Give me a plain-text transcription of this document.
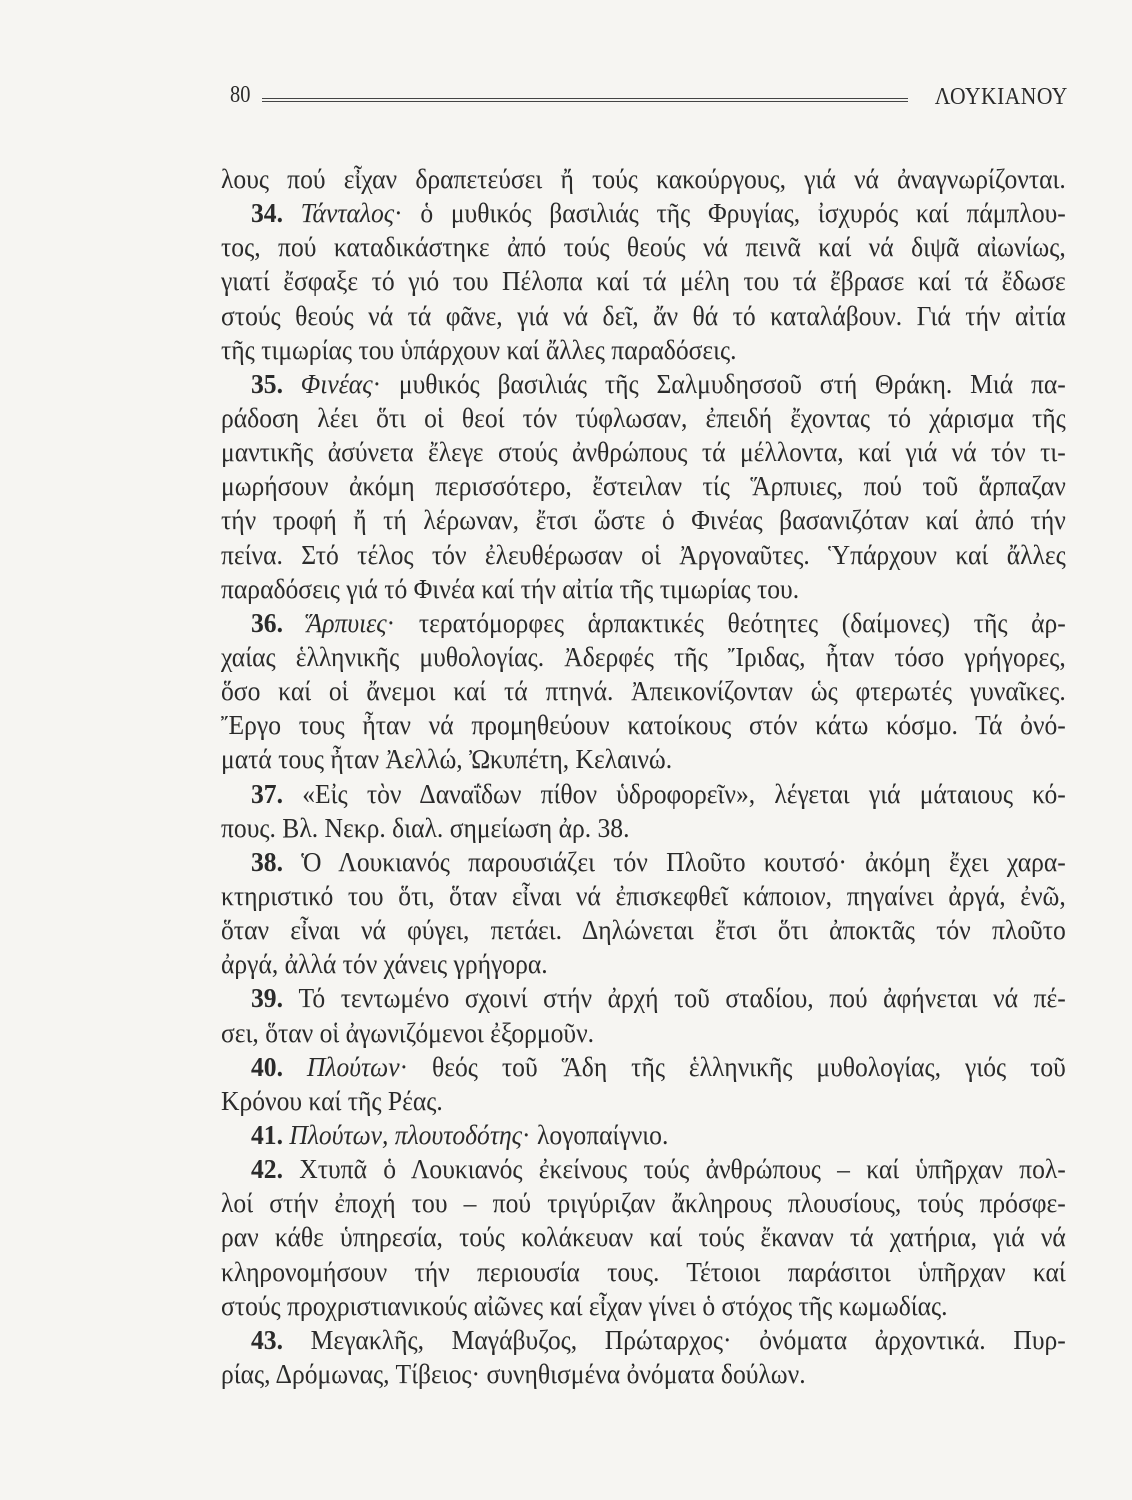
80	ΛΟΥΚΙΑΝΟΥ
λους πού εἶχαν δραπετεύσει ἤ τούς κακούργους, γιά νά ἀναγνωρίζονται.
34. Τάνταλος· ὁ μυθικός βασιλιάς τῆς Φρυγίας, ἰσχυρός καί πάμπλου-
τος, πού καταδικάστηκε ἀπό τούς θεούς νά πεινᾶ καί νά διψᾶ αἰωνίως,
γιατί ἔσφαξε τό γιό του Πέλοπα καί τά μέλη του τά ἔβρασε καί τά ἔδωσε
στούς θεούς νά τά φᾶνε, γιά νά δεῖ, ἄν θά τό καταλάβουν. Γιά τήν αἰτία
τῆς τιμωρίας του ὑπάρχουν καί ἄλλες παραδόσεις.
35. Φινέας· μυθικός βασιλιάς τῆς Σαλμυδησσοῦ στή Θράκη. Μιά πα-
ράδοση λέει ὅτι οἱ θεοί τόν τύφλωσαν, ἐπειδή ἔχοντας τό χάρισμα τῆς
μαντικῆς ἀσύνετα ἔλεγε στούς ἀνθρώπους τά μέλλοντα, καί γιά νά τόν τι-
μωρήσουν ἀκόμη περισσότερο, ἔστειλαν τίς Ἅρπυιες, πού τοῦ ἅρπαζαν
τήν τροφή ἤ τή λέρωναν, ἔτσι ὥστε ὁ Φινέας βασανιζόταν καί ἀπό τήν
πείνα. Στό τέλος τόν ἐλευθέρωσαν οἱ Ἀργοναῦτες. Ὑπάρχουν καί ἄλλες
παραδόσεις γιά τό Φινέα καί τήν αἰτία τῆς τιμωρίας του.
36. Ἅρπυιες· τερατόμορφες ἁρπακτικές θεότητες (δαίμονες) τῆς ἀρ-
χαίας ἑλληνικῆς μυθολογίας. Ἀδερφές τῆς Ἴριδας, ἦταν τόσο γρήγορες,
ὅσο καί οἱ ἄνεμοι καί τά πτηνά. Ἀπεικονίζονταν ὡς φτερωτές γυναῖκες.
Ἔργο τους ἦταν νά προμηθεύουν κατοίκους στόν κάτω κόσμο. Τά ὀνό-
ματά τους ἦταν Ἀελλώ, Ὠκυπέτη, Κελαινώ.
37. «Εἰς τὸν Δαναΐδων πίθον ὑδροφορεῖν», λέγεται γιά μάταιους κό-
πους. Βλ. Νεκρ. διαλ. σημείωση ἀρ. 38.
38. Ὁ Λουκιανός παρουσιάζει τόν Πλοῦτο κουτσό· ἀκόμη ἔχει χαρα-
κτηριστικό του ὅτι, ὅταν εἶναι νά ἐπισκεφθεῖ κάποιον, πηγαίνει ἀργά, ἐνῶ,
ὅταν εἶναι νά φύγει, πετάει. Δηλώνεται ἔτσι ὅτι ἀποκτᾶς τόν πλοῦτο
ἀργά, ἀλλά τόν χάνεις γρήγορα.
39. Τό τεντωμένο σχοινί στήν ἀρχή τοῦ σταδίου, πού ἀφήνεται νά πέ-
σει, ὅταν οἱ ἀγωνιζόμενοι ἐξορμοῦν.
40. Πλούτων· θεός τοῦ Ἅδη τῆς ἑλληνικῆς μυθολογίας, γιός τοῦ
Κρόνου καί τῆς Ρέας.
41. Πλούτων, πλουτοδότης· λογοπαίγνιο.
42. Χτυπᾶ ὁ Λουκιανός ἐκείνους τούς ἀνθρώπους – καί ὑπῆρχαν πολ-
λοί στήν ἐποχή του – πού τριγύριζαν ἄκληρους πλουσίους, τούς πρόσφε-
ραν κάθε ὑπηρεσία, τούς κολάκευαν καί τούς ἔκαναν τά χατήρια, γιά νά
κληρονομήσουν τήν περιουσία τους. Τέτοιοι παράσιτοι ὑπῆρχαν καί
στούς προχριστιανικούς αἰῶνες καί εἶχαν γίνει ὁ στόχος τῆς κωμωδίας.
43. Μεγακλῆς, Μαγάβυζος, Πρώταρχος· ὀνόματα ἀρχοντικά. Πυρ-
ρίας, Δρόμωνας, Τίβειος· συνηθισμένα ὀνόματα δούλων.
